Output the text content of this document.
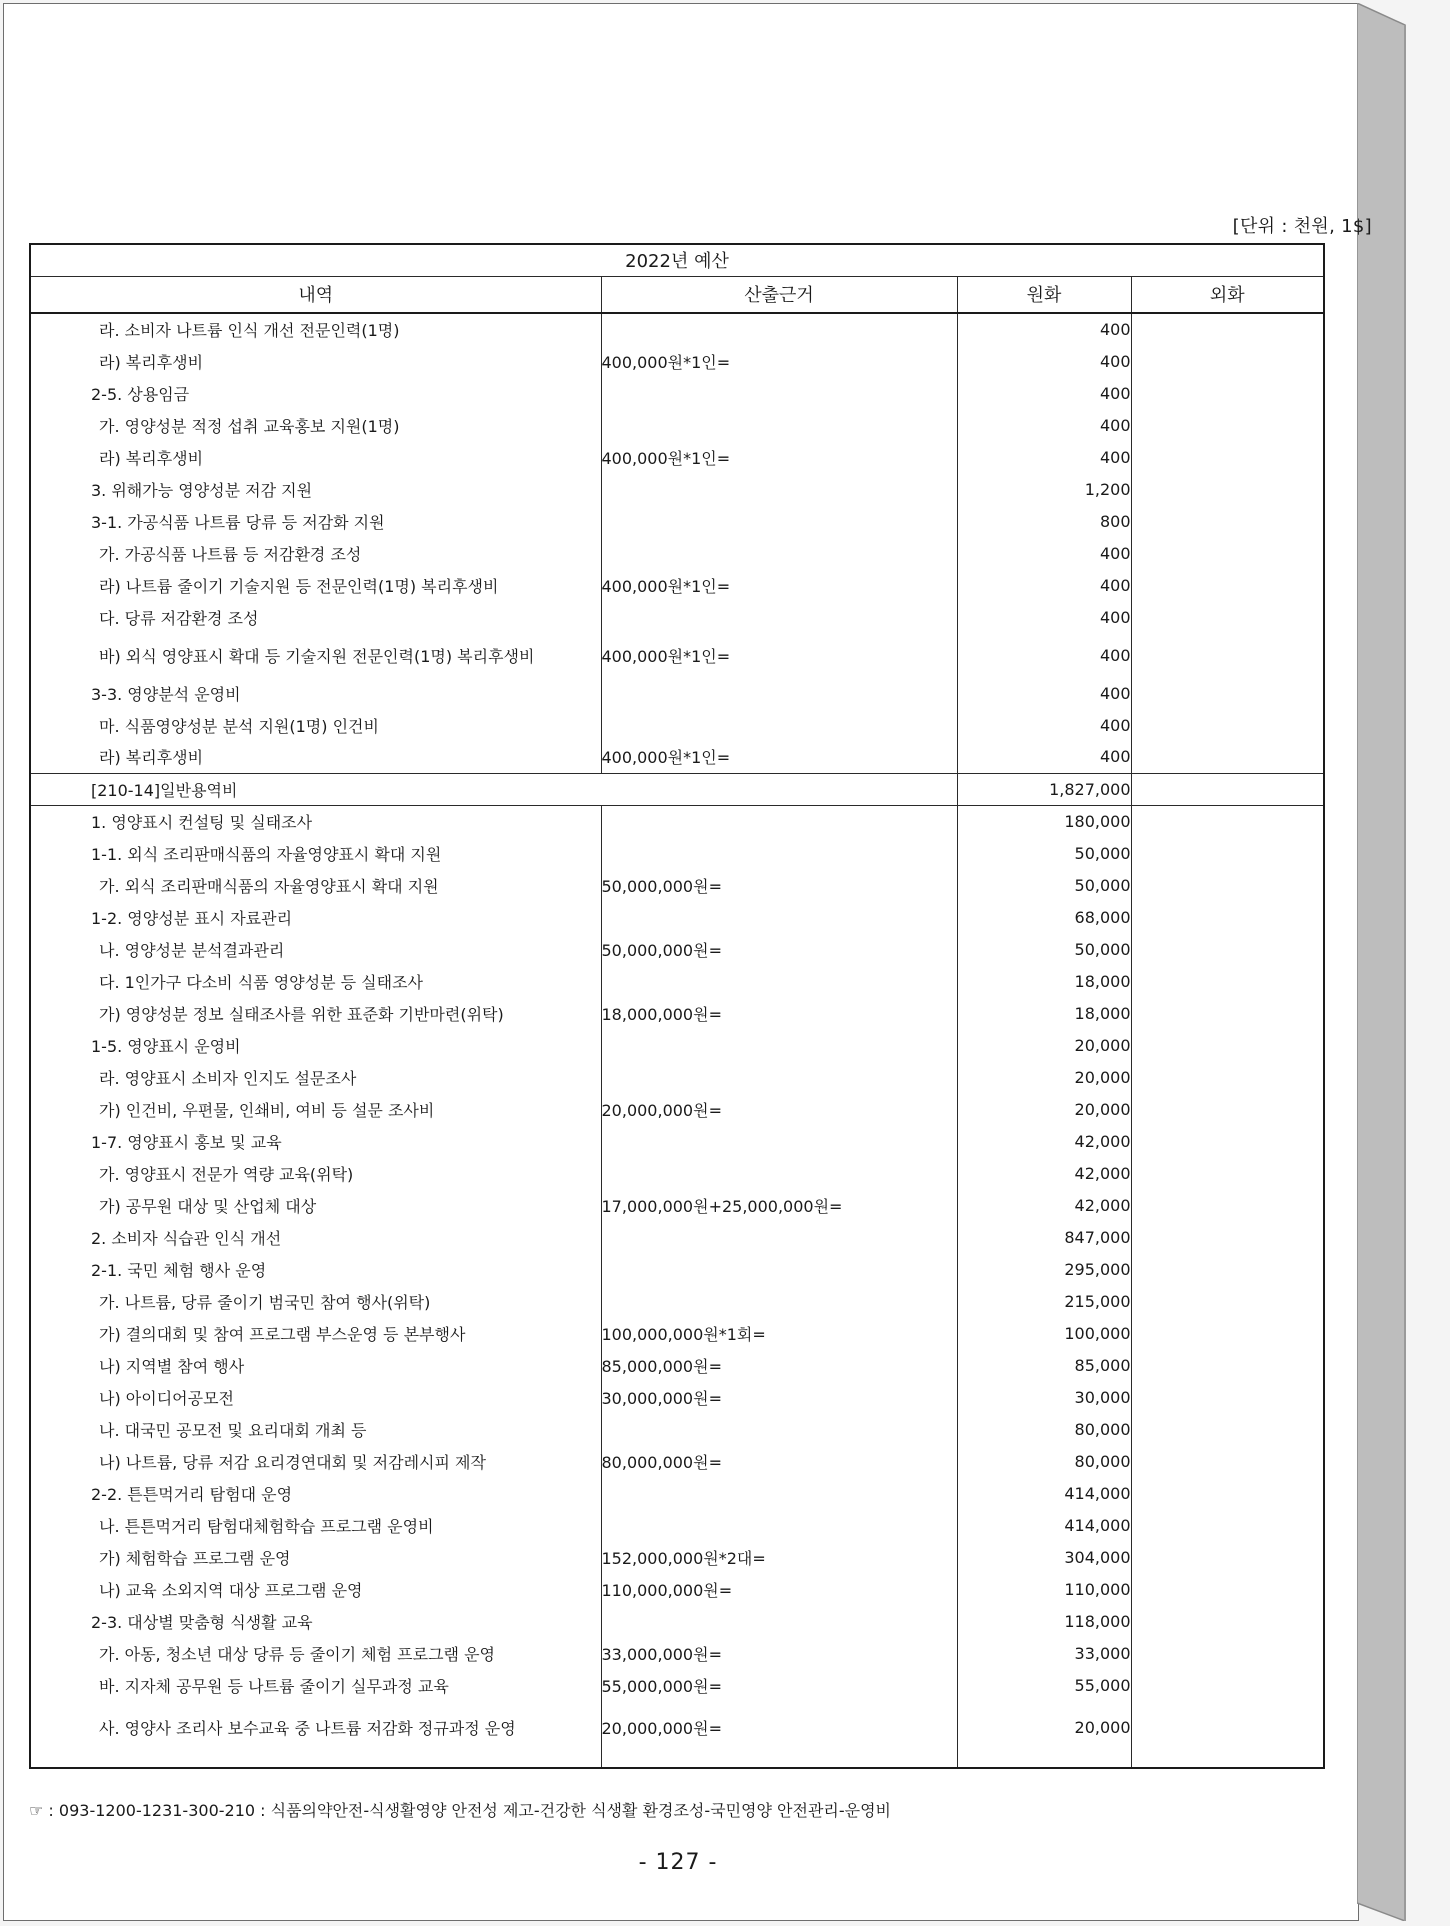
[단위 : 천원, 1$]
2022년 예산			
내역	산출근거	원화	외화
라. 소비자 나트륨 인식 개선 전문인력(1명)		400	
라) 복리후생비	400,000원*1인=	400	
2-5. 상용임금		400	
가. 영양성분 적정 섭취 교육홍보 지원(1명)		400	
라) 복리후생비	400,000원*1인=	400	
3. 위해가능 영양성분 저감 지원		1,200	
3-1. 가공식품 나트륨 당류 등 저감화 지원		800	
가. 가공식품 나트륨 등 저감환경 조성		400	
라) 나트륨 줄이기 기술지원 등 전문인력(1명) 복리후생비	400,000원*1인=	400	
다. 당류 저감환경 조성		400	
바) 외식 영양표시 확대 등 기술지원 전문인력(1명) 복리후생비	400,000원*1인=	400	
3-3. 영양분석 운영비		400	
마. 식품영양성분 분석 지원(1명) 인건비		400	
라) 복리후생비	400,000원*1인=	400	
[210-14]일반용역비		1,827,000	
1. 영양표시 컨설팅 및 실태조사		180,000	
1-1. 외식 조리판매식품의 자율영양표시 확대 지원		50,000	
가. 외식 조리판매식품의 자율영양표시 확대 지원	50,000,000원=	50,000	
1-2. 영양성분 표시 자료관리		68,000	
나. 영양성분 분석결과관리	50,000,000원=	50,000	
다. 1인가구 다소비 식품 영양성분 등 실태조사		18,000	
가) 영양성분 정보 실태조사를 위한 표준화 기반마련(위탁)	18,000,000원=	18,000	
1-5. 영양표시 운영비		20,000	
라. 영양표시 소비자 인지도 설문조사		20,000	
가) 인건비, 우편물, 인쇄비, 여비 등 설문 조사비	20,000,000원=	20,000	
1-7. 영양표시 홍보 및 교육		42,000	
가. 영양표시 전문가 역량 교육(위탁)		42,000	
가) 공무원 대상 및 산업체 대상	17,000,000원+25,000,000원=	42,000	
2. 소비자 식습관 인식 개선		847,000	
2-1. 국민 체험 행사 운영		295,000	
가. 나트륨, 당류 줄이기 범국민 참여 행사(위탁)		215,000	
가) 결의대회 및 참여 프로그램 부스운영 등 본부행사	100,000,000원*1회=	100,000	
나) 지역별 참여 행사	85,000,000원=	85,000	
나) 아이디어공모전	30,000,000원=	30,000	
나. 대국민 공모전 및 요리대회 개최 등		80,000	
나) 나트륨, 당류 저감 요리경연대회 및 저감레시피 제작	80,000,000원=	80,000	
2-2. 튼튼먹거리 탐험대 운영		414,000	
나. 튼튼먹거리 탐험대체험학습 프로그램 운영비		414,000	
가) 체험학습 프로그램 운영	152,000,000원*2대=	304,000	
나) 교육 소외지역 대상 프로그램 운영	110,000,000원=	110,000	
2-3. 대상별 맞춤형 식생활 교육		118,000	
가. 아동, 청소년 대상 당류 등 줄이기 체험 프로그램 운영	33,000,000원=	33,000	
바. 지자체 공무원 등 나트륨 줄이기 실무과정 교육	55,000,000원=	55,000	
사. 영양사 조리사 보수교육 중 나트륨 저감화 정규과정 운영	20,000,000원=	20,000	

☞ : 093-1200-1231-300-210 : 식품의약안전-식생활영양 안전성 제고-건강한 식생활 환경조성-국민영양 안전관리-운영비
- 127 -
